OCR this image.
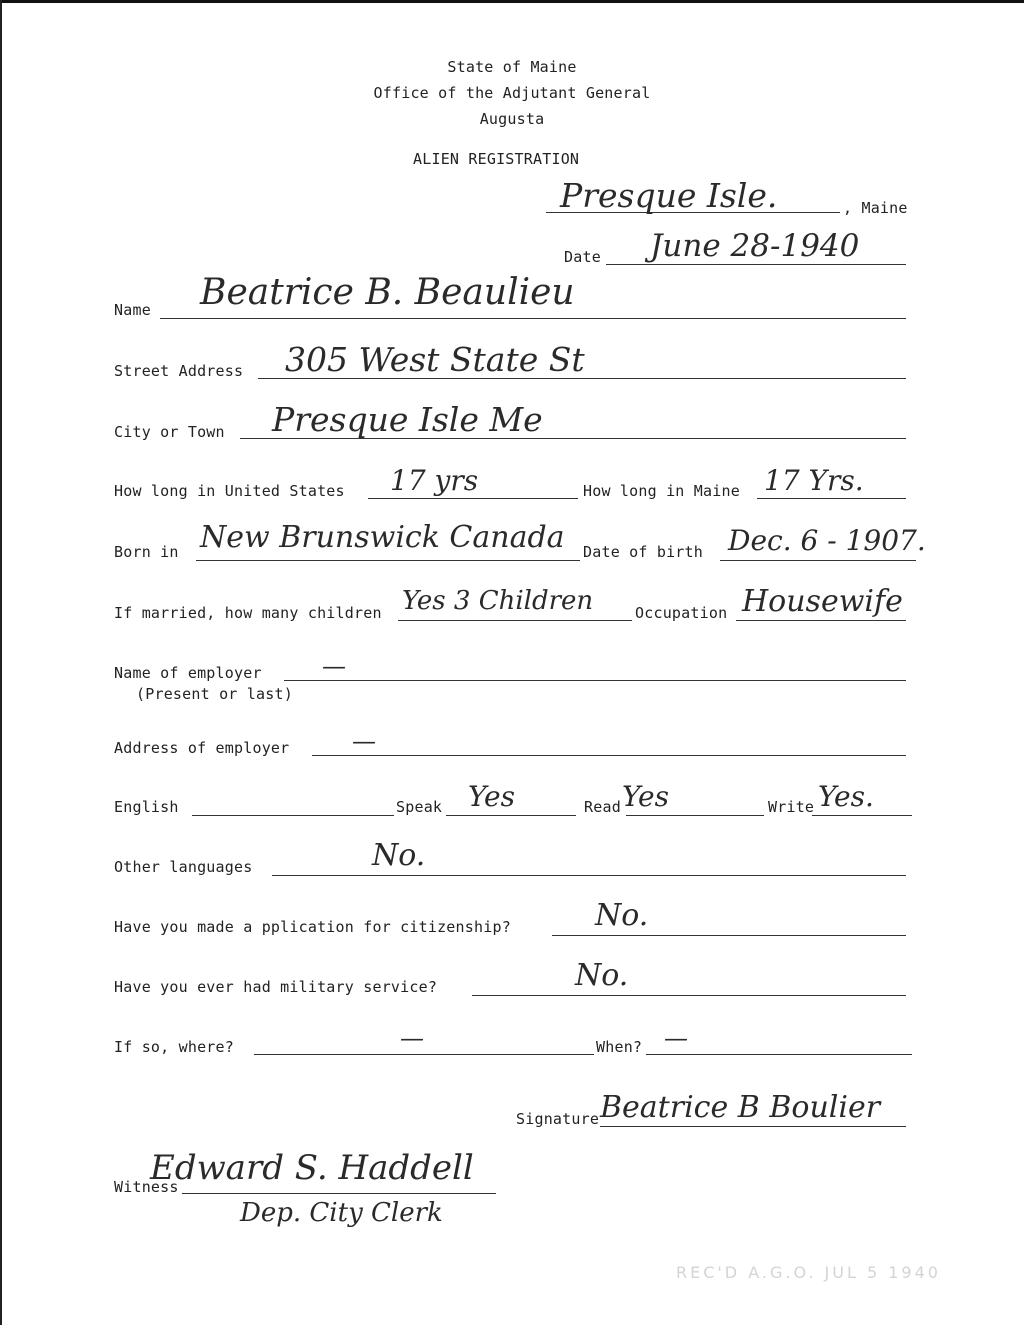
State of Maine
Office of the Adjutant General
Augusta
ALIEN REGISTRATION
Presque Isle.	, Maine
Date June 28-1940
Name Beatrice B. Beaulieu
Street Address 305 West State St
City or Town Presque Isle Me
How long in United States 17 yrs	How long in Maine 17 Yrs.
Born in New Brunswick Canada Date of birth Dec. 6 - 1907.
If married, how many children Yes 3 Children	Occupation Housewife
Name of employer
(Present or last)
—
Address of employer	—
English	Speak Yes	Read Yes	Write Yes.
Other languages	No.
Have you made a pplication for citizenship?	No.
Have you ever had military service?	No.
If so, where?	—	When? —
Signature Beatrice B Boulier
Witness
Edward S. Haddell
Dep. City Clerk
REC'D A.G.O. JUL 5 1940
